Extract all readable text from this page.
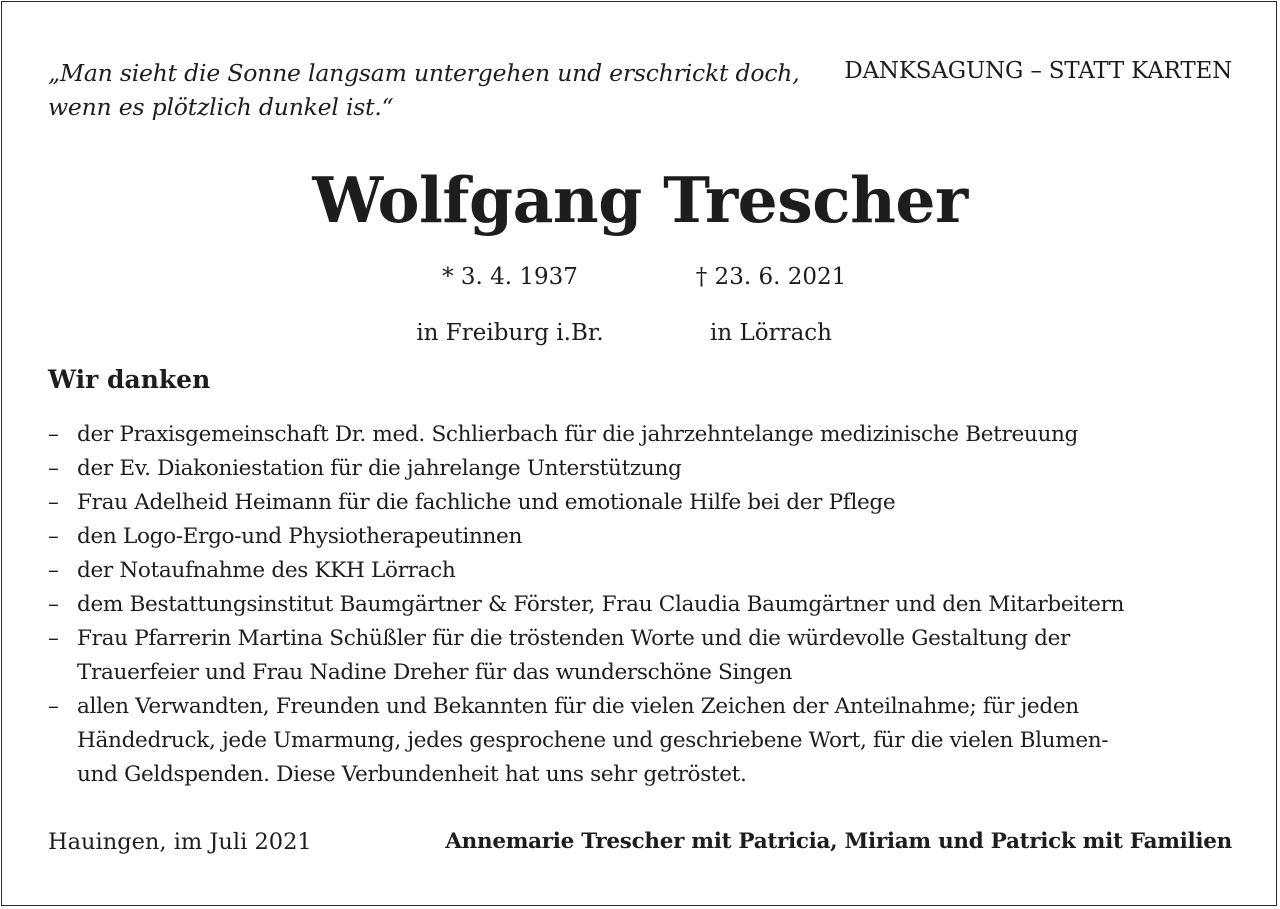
„Man sieht die Sonne langsam untergehen und erschrickt doch,
wenn es plötzlich dunkel ist.“
DANKSAGUNG – STATT KARTEN
Wolfgang Trescher
* 3. 4. 1937
in Freiburg i.Br.
† 23. 6. 2021
in Lörrach
Wir danken
– der Praxisgemeinschaft Dr. med. Schlierbach für die jahrzehntelange medizinische Betreuung
– der Ev. Diakoniestation für die jahrelange Unterstützung
– Frau Adelheid Heimann für die fachliche und emotionale Hilfe bei der Pflege
– den Logo-Ergo-und Physiotherapeutinnen
– der Notaufnahme des KKH Lörrach
– dem Bestattungsinstitut Baumgärtner & Förster, Frau Claudia Baumgärtner und den Mitarbeitern
– Frau Pfarrerin Martina Schüßler für die tröstenden Worte und die würdevolle Gestaltung der
Trauerfeier und Frau Nadine Dreher für das wunderschöne Singen
– allen Verwandten, Freunden und Bekannten für die vielen Zeichen der Anteilnahme; für jeden
Händedruck, jede Umarmung, jedes gesprochene und geschriebene Wort, für die vielen Blumen-
und Geldspenden. Diese Verbundenheit hat uns sehr getröstet.
Hauingen, im Juli 2021	Annemarie Trescher mit Patricia, Miriam und Patrick mit Familien
